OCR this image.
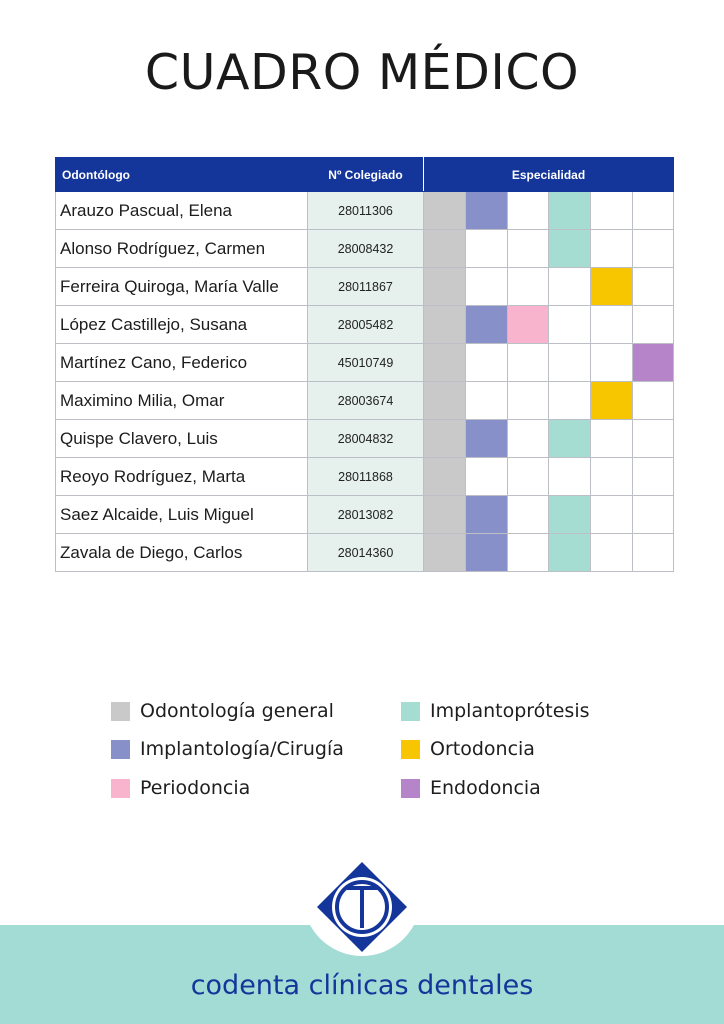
CUADRO MÉDICO
Odontólogo	Nº Colegiado	Especialidad					
Arauzo Pascual, Elena	28011306						
Alonso Rodríguez, Carmen	28008432						
Ferreira Quiroga, María Valle	28011867						
López Castillejo, Susana	28005482						
Martínez Cano, Federico	45010749						
Maximino Milia, Omar	28003674						
Quispe Clavero, Luis	28004832						
Reoyo Rodríguez, Marta	28011868						
Saez Alcaide, Luis Miguel	28013082						
Zavala de Diego, Carlos	28014360						
Odontología general
Implantología/Cirugía
Periodoncia
Implantoprótesis
Ortodoncia
Endodoncia
codenta clínicas dentales
